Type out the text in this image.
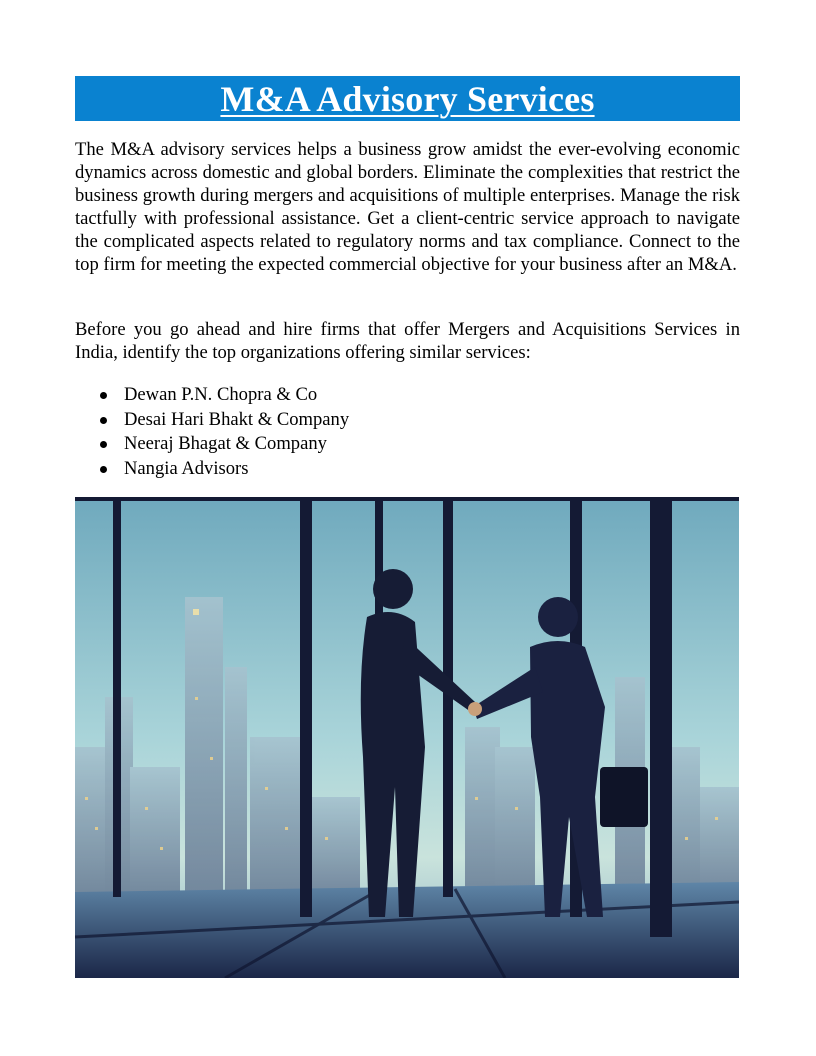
M&A Advisory Services

The M&A advisory services helps a business grow amidst the ever-evolving economic dynamics across domestic and global borders. Eliminate the complexities that restrict the business growth during mergers and acquisitions of multiple enterprises. Manage the risk tactfully with professional assistance. Get a client-centric service approach to navigate the complicated aspects related to regulatory norms and tax compliance. Connect to the top firm for meeting the expected commercial objective for your business after an M&A.

Before you go ahead and hire firms that offer Mergers and Acquisitions Services in India, identify the top organizations offering similar services:

Dewan P.N. Chopra & Co
Desai Hari Bhakt & Company
Neeraj Bhagat & Company
Nangia Advisors
